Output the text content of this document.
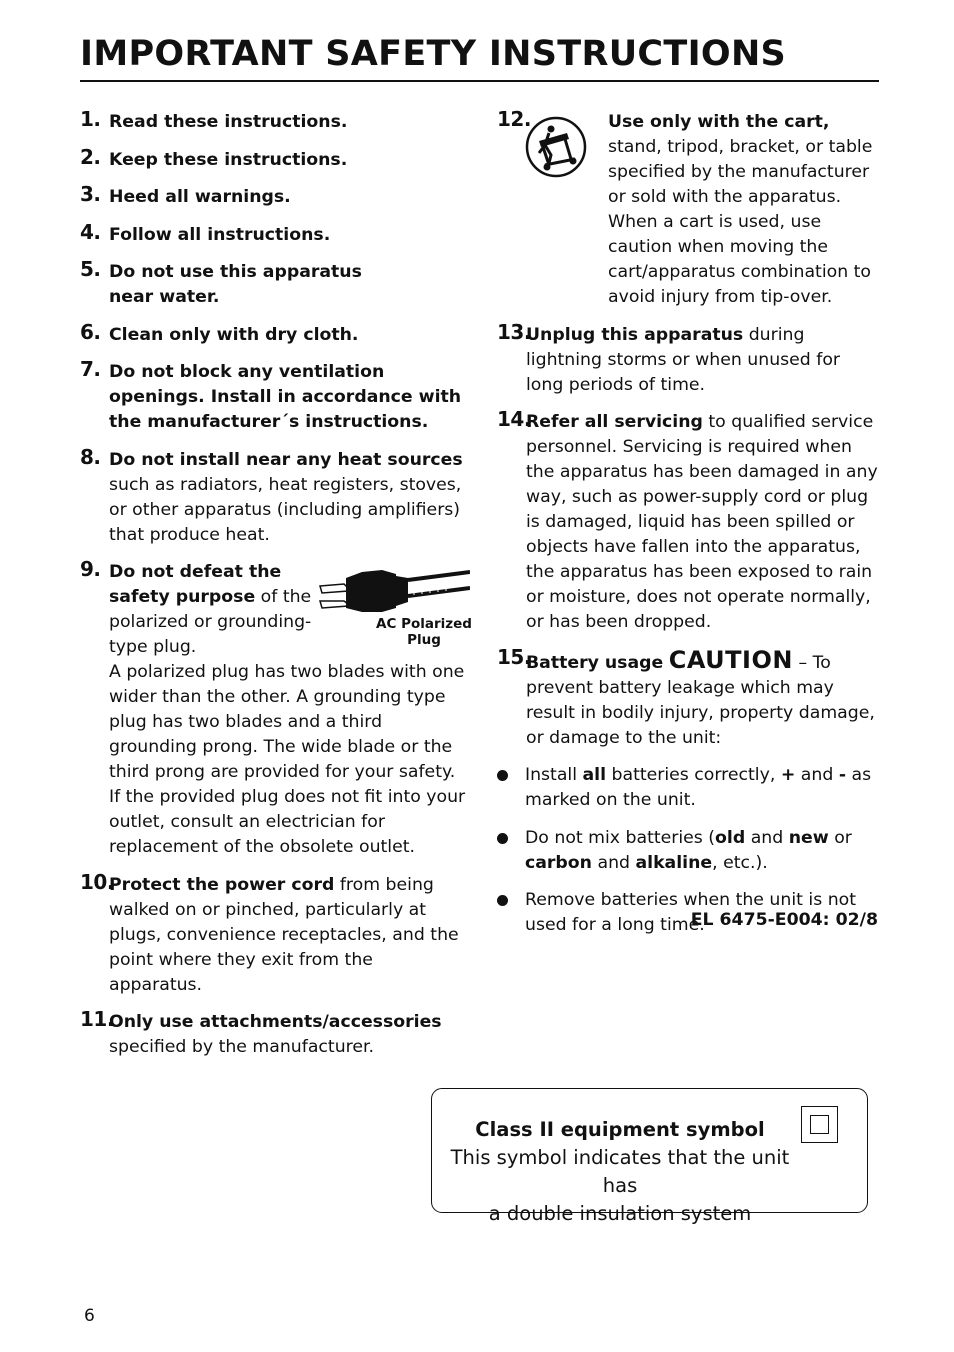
IMPORTANT SAFETY INSTRUCTIONS
1. Read these instructions.
2. Keep these instructions.
3. Heed all warnings.
4. Follow all instructions.
5. Do not use this apparatus near water.
6. Clean only with dry cloth.
7. Do not block any ventilation openings. Install in accordance with the manufacturer´s instructions.
8. Do not install near any heat sources such as radiators, heat registers, stoves, or other apparatus (including amplifiers) that produce heat.
9.
AC Polarized
Plug
Do not defeat the safety purpose of the polarized or grounding-type plug.
A polarized plug has two blades with one wider than the other. A grounding type plug has two blades and a third grounding prong. The wide blade or the third prong are provided for your safety. If the provided plug does not fit into your outlet, consult an electrician for replacement of the obsolete outlet.
10.
Protect the power cord from being walked on or pinched, particularly at plugs, convenience receptacles, and the point where they exit from the apparatus.
11.
Only use attachments/accessories
specified by the manufacturer.
12.	Use only with the cart, stand, tripod, bracket, or table specified by the manufacturer or sold with the apparatus. When a cart is used, use caution when moving the cart/apparatus combination to avoid injury from tip-over.
13.
Unplug this apparatus during lightning storms or when unused for long periods of time.
14.
Refer all servicing to qualified service personnel. Servicing is required when the apparatus has been damaged in any way, such as power-supply cord or plug is damaged, liquid has been spilled or objects have fallen into the apparatus, the apparatus has been exposed to rain or moisture, does not operate normally, or has been dropped.
15.
Battery usage CAUTION – To prevent battery leakage which may result in bodily injury, property damage, or damage to the unit:
Install all batteries correctly, + and - as marked on the unit.
Do not mix batteries (old and new or carbon and alkaline, etc.).
Remove batteries when the unit is not used for a long time.
EL 6475-E004: 02/8
Class II equipment symbol
This symbol indicates that the unit has
a double insulation system
6
